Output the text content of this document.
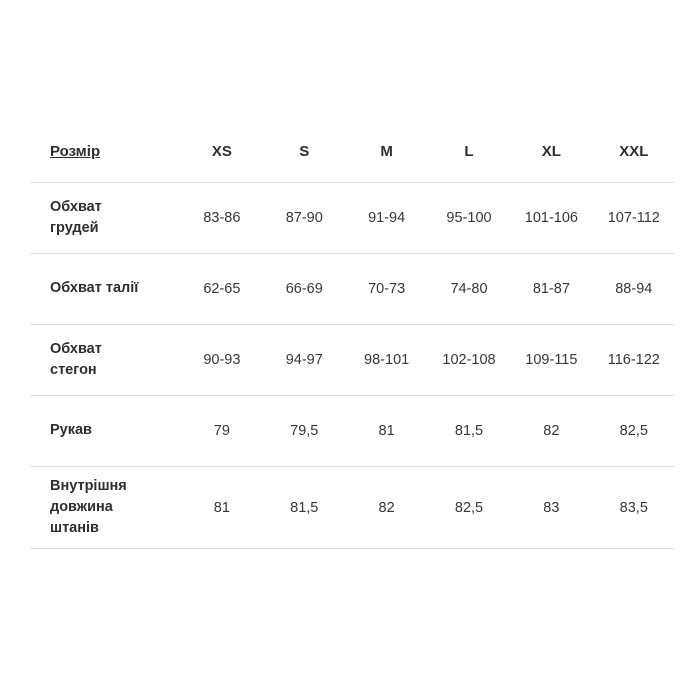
Розмір	XS	S	M	L	XL	XXL
Обхват
грудей	83-86	87-90	91-94	95-100	101-106	107-112
Обхват талії	62-65	66-69	70-73	74-80	81-87	88-94
Обхват
стегон	90-93	94-97	98-101	102-108	109-115	116-122
Рукав	79	79,5	81	81,5	82	82,5
Внутрішня
довжина
штанів	81	81,5	82	82,5	83	83,5
